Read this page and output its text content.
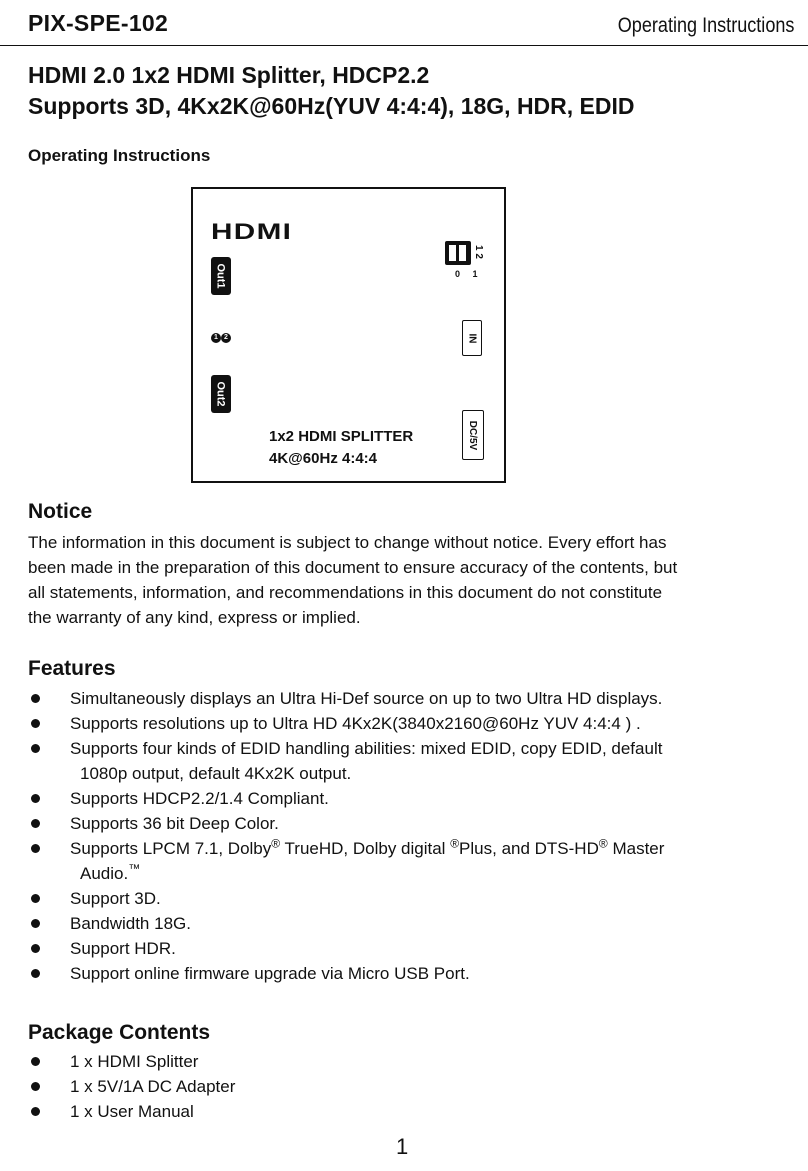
PIX-SPE-102	Operating Instructions
HDMI 2.0 1x2 HDMI Splitter, HDCP2.2
Supports 3D, 4Kx2K@60Hz(YUV 4:4:4), 18G, HDR, EDID
Operating Instructions
HDMI
Out1
1 2
Out2
1 2
0 1
IN
DC/5V
1x2 HDMI SPLITTER
4K@60Hz 4:4:4
Notice
The information in this document is subject to change without notice. Every effort has
been made in the preparation of this document to ensure accuracy of the contents, but
all statements, information, and recommendations in this document do not constitute
the warranty of any kind, express or implied.
Features
Simultaneously displays an Ultra Hi-Def source on up to two Ultra HD displays.
Supports resolutions up to Ultra HD 4Kx2K(3840x2160@60Hz YUV 4:4:4 ) .
Supports four kinds of EDID handling abilities: mixed EDID, copy EDID, default
1080p output, default 4Kx2K output.
Supports HDCP2.2/1.4 Compliant.
Supports 36 bit Deep Color.
Supports LPCM 7.1, Dolby® TrueHD, Dolby digital ®Plus, and DTS-HD® Master
Audio.™
Support 3D.
Bandwidth 18G.
Support HDR.
Support online firmware upgrade via Micro USB Port.
Package Contents
1 x HDMI Splitter
1 x 5V/1A DC Adapter
1 x User Manual
1
